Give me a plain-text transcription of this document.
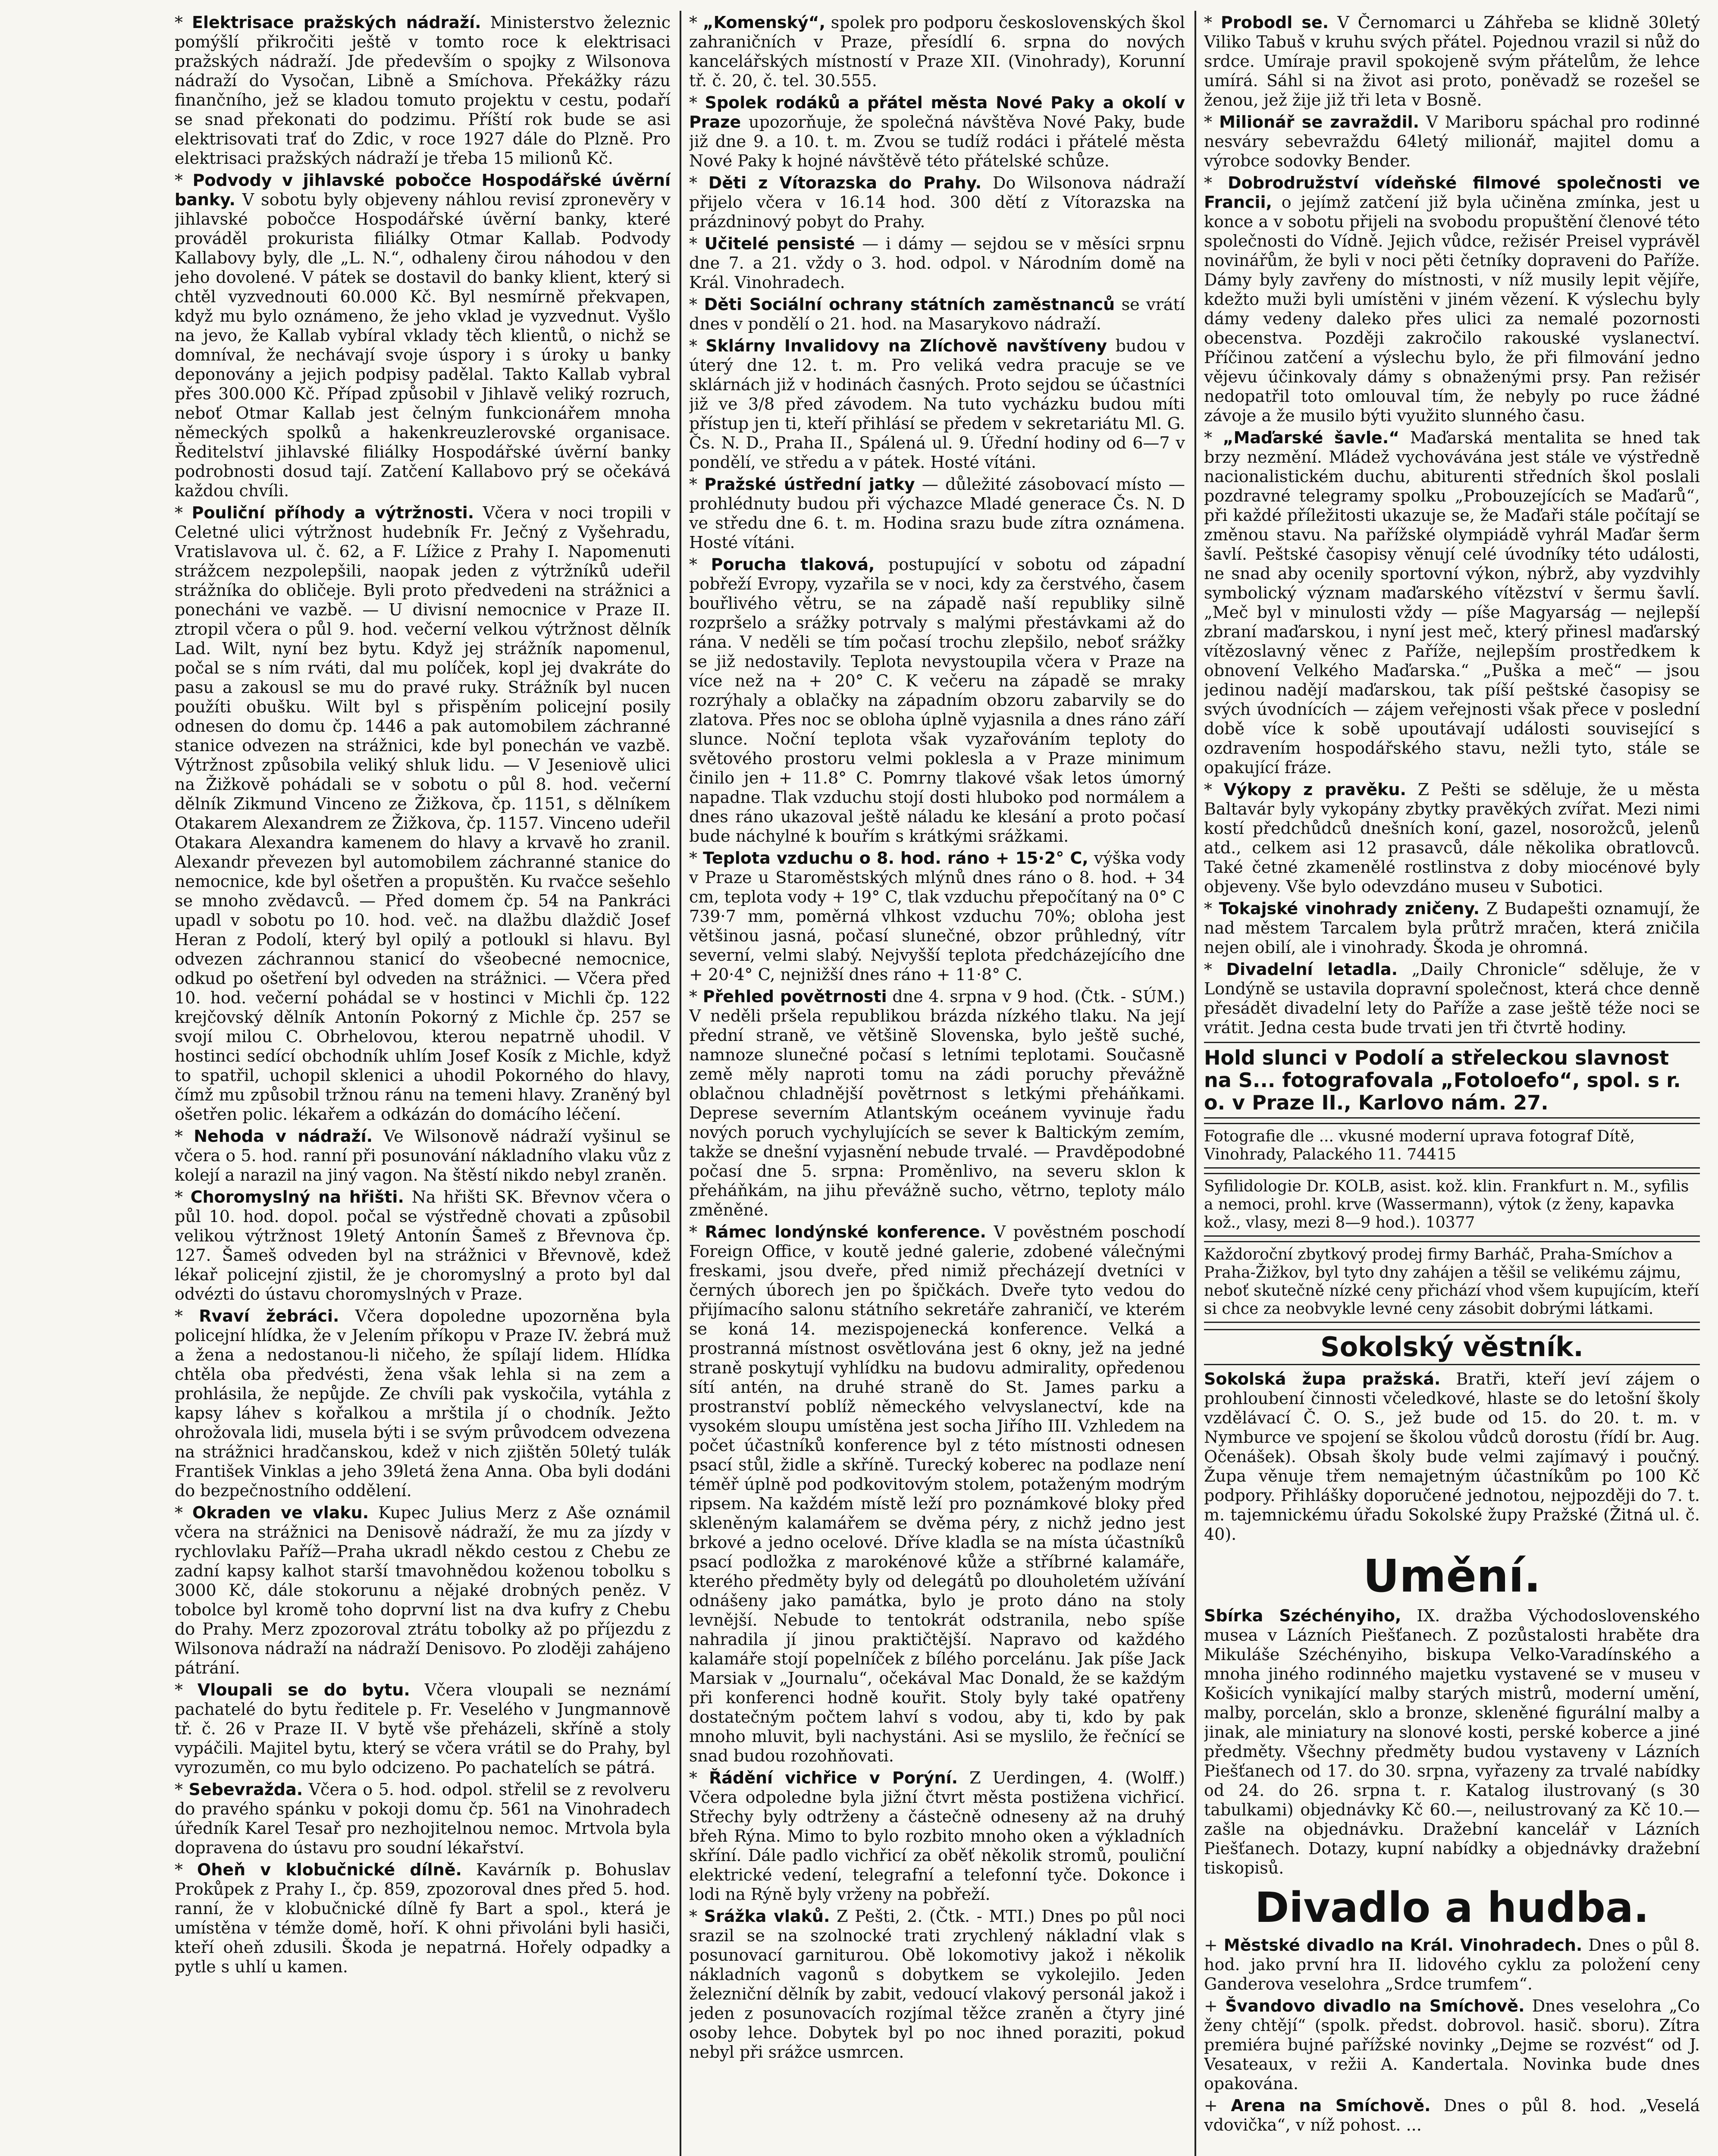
* Elektrisace pražských nádraží. Ministerstvo železnic pomýšlí přikročiti ještě v tomto roce k elektrisaci pražských nádraží. Jde především o spojky z Wilsonova nádraží do Vysočan, Libně a Smíchova. Překážky rázu finančního, jež se kladou tomuto projektu v cestu, podaří se snad překonati do podzimu. Příští rok bude se asi elektrisovati trať do Zdic, v roce 1927 dále do Plzně. Pro elektrisaci pražských nádraží je třeba 15 milionů Kč.

* Podvody v jihlavské pobočce Hospodářské úvěrní banky. V sobotu byly objeveny náhlou revisí zpronevěry v jihlavské pobočce Hospodářské úvěrní banky, které prováděl prokurista filiálky Otmar Kallab. Podvody Kallabovy byly, dle „L. N.“, odhaleny čirou náhodou v den jeho dovolené. V pátek se dostavil do banky klient, který si chtěl vyzvednouti 60.000 Kč. Byl nesmírně překvapen, když mu bylo oznámeno, že jeho vklad je vyzvednut. Vyšlo na jevo, že Kallab vybíral vklady těch klientů, o nichž se domníval, že nechávají svoje úspory i s úroky u banky deponovány a jejich podpisy padělal. Takto Kallab vybral přes 300.000 Kč. Případ způsobil v Jihlavě veliký rozruch, neboť Otmar Kallab jest čelným funkcionářem mnoha německých spolků a hakenkreuzlerovské organisace. Ředitelství jihlavské filiálky Hospodářské úvěrní banky podrobnosti dosud tají. Zatčení Kallabovo prý se očekává každou chvíli.

* Pouliční příhody a výtržnosti. Včera v noci tropili v Celetné ulici výtržnost hudebník Fr. Ječný z Vyšehradu, Vratislavova ul. č. 62, a F. Lížice z Prahy I. Napomenuti strážcem nezpolepšili, naopak jeden z výtržníků udeřil strážníka do obličeje. Byli proto předvedeni na strážnici a ponecháni ve vazbě. — U divisní nemocnice v Praze II. ztropil včera o půl 9. hod. večerní velkou výtržnost dělník Lad. Wilt, nyní bez bytu. Když jej strážník napomenul, počal se s ním rváti, dal mu políček, kopl jej dvakráte do pasu a zakousl se mu do pravé ruky. Strážník byl nucen použíti obušku. Wilt byl s přispěním policejní posily odnesen do domu čp. 1446 a pak automobilem záchranné stanice odvezen na strážnici, kde byl ponechán ve vazbě. Výtržnost způsobila veliký shluk lidu. — V Jeseniově ulici na Žižkově pohádali se v sobotu o půl 8. hod. večerní dělník Zikmund Vinceno ze Žižkova, čp. 1151, s dělníkem Otakarem Alexandrem ze Žižkova, čp. 1157. Vinceno udeřil Otakara Alexandra kamenem do hlavy a krvavě ho zranil. Alexandr převezen byl automobilem záchranné stanice do nemocnice, kde byl ošetřen a propuštěn. Ku rvačce sešehlo se mnoho zvědavců. — Před domem čp. 54 na Pankráci upadl v sobotu po 10. hod. več. na dlažbu dlaždič Josef Heran z Podolí, který byl opilý a potloukl si hlavu. Byl odvezen záchrannou stanicí do všeobecné nemocnice, odkud po ošetření byl odveden na strážnici. — Včera před 10. hod. večerní pohádal se v hostinci v Michli čp. 122 krejčovský dělník Antonín Pokorný z Michle čp. 257 se svojí milou C. Obrhelovou, kterou nepatrně uhodil. V hostinci sedící obchodník uhlím Josef Kosík z Michle, když to spatřil, uchopil sklenici a uhodil Pokorného do hlavy, čímž mu způsobil tržnou ránu na temeni hlavy. Zraněný byl ošetřen polic. lékařem a odkázán do domácího léčení.

* Nehoda v nádraží. Ve Wilsonově nádraží vyšinul se včera o 5. hod. ranní při posunování nákladního vlaku vůz z kolejí a narazil na jiný vagon. Na štěstí nikdo nebyl zraněn.

* Choromyslný na hřišti. Na hřišti SK. Břevnov včera o půl 10. hod. dopol. počal se výstředně chovati a způsobil velikou výtržnost 19letý Antonín Šameš z Břevnova čp. 127. Šameš odveden byl na strážnici v Břevnově, kdež lékař policejní zjistil, že je choromyslný a proto byl dal odvézti do ústavu choromyslných v Praze.

* Rvaví žebráci. Včera dopoledne upozorněna byla policejní hlídka, že v Jelením příkopu v Praze IV. žebrá muž a žena a nedostanou-li ničeho, že spílají lidem. Hlídka chtěla oba předvésti, žena však lehla si na zem a prohlásila, že nepůjde. Ze chvíli pak vyskočila, vytáhla z kapsy láhev s kořalkou a mrštila jí o chodník. Ježto ohrožovala lidi, musela býti i se svým průvodcem odvezena na strážnici hradčanskou, kdež v nich zjištěn 50letý tulák František Vinklas a jeho 39letá žena Anna. Oba byli dodáni do bezpečnostního oddělení.

* Okraden ve vlaku. Kupec Julius Merz z Aše oznámil včera na strážnici na Denisově nádraží, že mu za jízdy v rychlovlaku Paříž—Praha ukradl někdo cestou z Chebu ze zadní kapsy kalhot starší tmavohnědou koženou tobolku s 3000 Kč, dále stokorunu a nějaké drobných peněz. V tobolce byl kromě toho doprvní list na dva kufry z Chebu do Prahy. Merz zpozoroval ztrátu tobolky až po příjezdu z Wilsonova nádraží na nádraží Denisovo. Po zloději zahájeno pátrání.

* Vloupali se do bytu. Včera vloupali se neznámí pachatelé do bytu ředitele p. Fr. Veselého v Jungmannově tř. č. 26 v Praze II. V bytě vše přeházeli, skříně a stoly vypáčili. Majitel bytu, který se včera vrátil se do Prahy, byl vyrozuměn, co mu bylo odcizeno. Po pachatelích se pátrá.

* Sebevražda. Včera o 5. hod. odpol. střelil se z revolveru do pravého spánku v pokoji domu čp. 561 na Vinohradech úředník Karel Tesař pro nezhojitelnou nemoc. Mrtvola byla dopravena do ústavu pro soudní lékařství.

* Oheň v klobučnické dílně. Kavárník p. Bohuslav Prokůpek z Prahy I., čp. 859, zpozoroval dnes před 5. hod. ranní, že v klobučnické dílně fy Bart a spol., která je umístěna v témže domě, hoří. K ohni přivoláni byli hasiči, kteří oheň zdusili. Škoda je nepatrná. Hořely odpadky a pytle s uhlí u kamen.

* „Komenský“, spolek pro podporu československých škol zahraničních v Praze, přesídlí 6. srpna do nových kancelářských místností v Praze XII. (Vinohrady), Korunní tř. č. 20, č. tel. 30.555.

* Spolek rodáků a přátel města Nové Paky a okolí v Praze upozorňuje, že společná návštěva Nové Paky, bude již dne 9. a 10. t. m. Zvou se tudíž rodáci i přátelé města Nové Paky k hojné návštěvě této přátelské schůze.

* Děti z Vítorazska do Prahy. Do Wilsonova nádraží přijelo včera v 16.14 hod. 300 dětí z Vítorazska na prázdninový pobyt do Prahy.

* Učitelé pensisté — i dámy — sejdou se v měsíci srpnu dne 7. a 21. vždy o 3. hod. odpol. v Národním domě na Král. Vinohradech.

* Děti Sociální ochrany státních zaměstnanců se vrátí dnes v pondělí o 21. hod. na Masarykovo nádraží.

* Sklárny Invalidovy na Zlíchově navštíveny budou v úterý dne 12. t. m. Pro veliká vedra pracuje se ve sklárnách již v hodinách časných. Proto sejdou se účastníci již ve 3/8 před závodem. Na tuto vycházku budou míti přístup jen ti, kteří přihlásí se předem v sekretariátu Ml. G. Čs. N. D., Praha II., Spálená ul. 9. Úřední hodiny od 6—7 v pondělí, ve středu a v pátek. Hosté vítáni.

* Pražské ústřední jatky — důležité zásobovací místo — prohlédnuty budou při výchazce Mladé generace Čs. N. D ve středu dne 6. t. m. Hodina srazu bude zítra oznámena. Hosté vítáni.

* Porucha tlaková, postupující v sobotu od západní pobřeží Evropy, vyzařila se v noci, kdy za čerstvého, časem bouřlivého větru, se na západě naší republiky silně rozpršelo a srážky potrvaly s malými přestávkami až do rána. V neděli se tím počasí trochu zlepšilo, neboť srážky se již nedostavily. Teplota nevystoupila včera v Praze na více než na + 20° C. K večeru na západě se mraky rozrýhaly a oblačky na západním obzoru zabarvily se do zlatova. Přes noc se obloha úplně vyjasnila a dnes ráno září slunce. Noční teplota však vyzařováním teploty do světového prostoru velmi poklesla a v Praze minimum činilo jen + 11.8° C. Pomrny tlakové však letos úmorný napadne. Tlak vzduchu stojí dosti hluboko pod normálem a dnes ráno ukazoval ještě náladu ke klesání a proto počasí bude náchylné k bouřím s krátkými srážkami.

* Teplota vzduchu o 8. hod. ráno + 15·2° C, výška vody v Praze u Staroměstských mlýnů dnes ráno o 8. hod. + 34 cm, teplota vody + 19° C, tlak vzduchu přepočítaný na 0° C 739·7 mm, poměrná vlhkost vzduchu 70%; obloha jest většinou jasná, počasí slunečné, obzor průhledný, vítr severní, velmi slabý. Nejvyšší teplota předcházejícího dne + 20·4° C, nejnižší dnes ráno + 11·8° C.

* Přehled povětrnosti dne 4. srpna v 9 hod. (Čtk. - SÚM.) V neděli pršela republikou brázda nízkého tlaku. Na její přední straně, ve většině Slovenska, bylo ještě suché, namnoze slunečné počasí s letními teplotami. Současně země měly naproti tomu na zádi poruchy převážně oblačnou chladnější povětrnost s letkými přeháňkami. Deprese severním Atlantským oceánem vyvinuje řadu nových poruch vychylujících se sever k Baltickým zemím, takže se dnešní vyjasnění nebude trvalé. — Pravděpodobné počasí dne 5. srpna: Proměnlivo, na severu sklon k přeháňkám, na jihu převážně sucho, větrno, teploty málo změněné.

* Rámec londýnské konference. V pověstném poschodí Foreign Office, v koutě jedné galerie, zdobené válečnými freskami, jsou dveře, před nimiž přecházejí dvetníci v černých úborech jen po špičkách. Dveře tyto vedou do přijímacího salonu státního sekretáře zahraničí, ve kterém se koná 14. mezispojenecká konference. Velká a prostranná místnost osvětlována jest 6 okny, jež na jedné straně poskytují vyhlídku na budovu admirality, opředenou sítí antén, na druhé straně do St. James parku a prostranství poblíž německého velvyslanectví, kde na vysokém sloupu umístěna jest socha Jiřího III. Vzhledem na počet účastníků konference byl z této místnosti odnesen psací stůl, židle a skříně. Turecký koberec na podlaze není téměř úplně pod podkovitovým stolem, potaženým modrým ripsem. Na každém místě leží pro poznámkové bloky před skleněným kalamářem se dvěma péry, z nichž jedno jest brkové a jedno ocelové. Dříve kladla se na místa účastníků psací podložka z marokénové kůže a stříbrné kalamáře, kterého předměty byly od delegátů po dlouholetém užívání odnášeny jako památka, bylo je proto dáno na stoly levnější. Nebude to tentokrát odstranila, nebo spíše nahradila jí jinou praktičtější. Napravo od každého kalamáře stojí popelníček z bílého porcelánu. Jak píše Jack Marsiak v „Journalu“, očekával Mac Donald, že se každým při konferenci hodně kouřit. Stoly byly také opatřeny dostatečným počtem lahví s vodou, aby ti, kdo by pak mnoho mluvit, byli nachystáni. Asi se myslilo, že řečnící se snad budou rozohňovati.

* Řádění vichřice v Porýní. Z Uerdingen, 4. (Wolff.) Včera odpoledne byla jižní čtvrt města postižena vichřicí. Střechy byly odtrženy a částečně odneseny až na druhý břeh Rýna. Mimo to bylo rozbito mnoho oken a výkladních skříní. Dále padlo vichřicí za oběť několik stromů, pouliční elektrické vedení, telegrafní a telefonní tyče. Dokonce i lodi na Rýně byly vrženy na pobřeží.

* Srážka vlaků. Z Pešti, 2. (Čtk. - MTI.) Dnes po půl noci srazil se na szolnocké trati zrychlený nákladní vlak s posunovací garniturou. Obě lokomotivy jakož i několik nákladních vagonů s dobytkem se vykolejilo. Jeden železniční dělník by zabit, vedoucí vlakový personál jakož i jeden z posunovacích rozjímal těžce zraněn a čtyry jiné osoby lehce. Dobytek byl po noc ihned poraziti, pokud nebyl při srážce usmrcen.

* Probodl se. V Černomarci u Záhřeba se klidně 30letý Viliko Tabuš v kruhu svých přátel. Pojednou vrazil si nůž do srdce. Umíraje pravil spokojeně svým přátelům, že lehce umírá. Sáhl si na život asi proto, poněvadž se rozešel se ženou, jež žije již tři leta v Bosně.

* Milionář se zavraždil. V Mariboru spáchal pro rodinné nesváry sebevraždu 64letý milionář, majitel domu a výrobce sodovky Bender.

* Dobrodružství vídeňské filmové společnosti ve Francii, o jejímž zatčení již byla učiněna zmínka, jest u konce a v sobotu přijeli na svobodu propuštění členové této společnosti do Vídně. Jejich vůdce, režisér Preisel vyprávěl novinářům, že byli v noci pěti četníky dopraveni do Paříže. Dámy byly zavřeny do místnosti, v níž musily lepit vějíře, kdežto muži byli umístěni v jiném vězení. K výslechu byly dámy vedeny daleko přes ulici za nemalé pozornosti obecenstva. Později zakročilo rakouské vyslanectví. Příčinou zatčení a výslechu bylo, že při filmování jedno vějevu účinkovaly dámy s obnaženými prsy. Pan režisér nedopatřil toto omlouval tím, že nebyly po ruce žádné závoje a že musilo býti využito slunného času.

* „Maďarské šavle.“ Maďarská mentalita se hned tak brzy nezmění. Mládež vychovávána jest stále ve výstředně nacionalistickém duchu, abiturenti středních škol poslali pozdravné telegramy spolku „Probouzejících se Maďarů“, při každé příležitosti ukazuje se, že Maďaři stále počítají se změnou stavu. Na pařížské olympiádě vyhrál Maďar šerm šavlí. Peštské časopisy věnují celé úvodníky této události, ne snad aby ocenily sportovní výkon, nýbrž, aby vyzdvihly symbolický význam maďarského vítězství v šermu šavlí. „Meč byl v minulosti vždy — píše Magyarság — nejlepší zbraní maďarskou, i nyní jest meč, který přinesl maďarský vítězoslavný věnec z Paříže, nejlepším prostředkem k obnovení Velkého Maďarska.“ „Puška a meč“ — jsou jedinou nadějí maďarskou, tak píší peštské časopisy se svých úvodnících — zájem veřejnosti však přece v poslední době více k sobě upoutávají události související s ozdravením hospodářského stavu, nežli tyto, stále se opakující fráze.

* Výkopy z pravěku. Z Pešti se sděluje, že u města Baltavár byly vykopány zbytky pravěkých zvířat. Mezi nimi kostí předchůdců dnešních koní, gazel, nosorožců, jelenů atd., celkem asi 12 prasavců, dále několika obratlovců. Také četné zkamenělé rostlinstva z doby miocénové byly objeveny. Vše bylo odevzdáno museu v Subotici.

* Tokajské vinohrady zničeny. Z Budapešti oznamují, že nad městem Tarcalem byla průtrž mračen, která zničila nejen obilí, ale i vinohrady. Škoda je ohromná.

* Divadelní letadla. „Daily Chronicle“ sděluje, že v Londýně se ustavila dopravní společnost, která chce denně přesádět divadelní lety do Paříže a zase ještě téže noci se vrátit. Jedna cesta bude trvati jen tři čtvrtě hodiny.

Hold slunci v Podolí a střeleckou slavnost
na S... fotografovala „Fotoloefo“, spol. s r. o. v Praze II., Karlovo nám. 27.
Fotografie dle ... vkusné moderní uprava fotograf Dítě, Vinohrady, Palackého 11. 74415
Syfilidologie Dr. KOLB, asist. kož. klin. Frankfurt n. M., syfilis a nemoci, prohl. krve (Wassermann), výtok (z ženy, kapavka kož., vlasy, mezi 8—9 hod.). 10377
Každoroční zbytkový prodej firmy Barháč, Praha-Smíchov a Praha-Žižkov, byl tyto dny zahájen a těšil se velikému zájmu, neboť skutečně nízké ceny přichází vhod všem kupujícím, kteří si chce za neobvykle levné ceny zásobit dobrými látkami.
Sokolský věstník.

Sokolská župa pražská. Bratři, kteří jeví zájem o prohloubení činnosti včeledkové, hlaste se do letošní školy vzdělávací Č. O. S., jež bude od 15. do 20. t. m. v Nymburce ve spojení se školou vůdců dorostu (řídí br. Aug. Očenášek). Obsah školy bude velmi zajímavý i poučný. Župa věnuje třem nemajetným účastníkům po 100 Kč podpory. Přihlášky doporučené jednotou, nejpozději do 7. t. m. tajemnickému úřadu Sokolské župy Pražské (Žitná ul. č. 40).

Umění.

Sbírka Széchényiho, IX. dražba Východoslovenského musea v Lázních Piešťanech. Z pozůstalosti hraběte dra Mikuláše Széchényiho, biskupa Velko-Varadínského a mnoha jiného rodinného majetku vystavené se v museu v Košicích vynikající malby starých mistrů, moderní umění, malby, porcelán, sklo a bronze, skleněné figurální malby a jinak, ale miniatury na slonové kosti, perské koberce a jiné předměty. Všechny předměty budou vystaveny v Lázních Piešťanech od 17. do 30. srpna, vyřazeny za trvalé nabídky od 24. do 26. srpna t. r. Katalog ilustrovaný (s 30 tabulkami) objednávky Kč 60.—, neilustrovaný za Kč 10.— zašle na objednávku. Dražební kancelář v Lázních Piešťanech. Dotazy, kupní nabídky a objednávky dražební tiskopisů.

Divadlo a hudba.

+ Městské divadlo na Král. Vinohradech. Dnes o půl 8. hod. jako první hra II. lidového cyklu za položení ceny Ganderova veselohra „Srdce trumfem“.

+ Švandovo divadlo na Smíchově. Dnes veselohra „Co ženy chtějí“ (spolk. předst. dobrovol. hasič. sboru). Zítra premiéra bujné pařížské novinky „Dejme se rozvést“ od J. Vesateaux, v režii A. Kandertala. Novinka bude dnes opakována.

+ Arena na Smíchově. Dnes o půl 8. hod. „Veselá vdovička“, v níž pohost. ...
